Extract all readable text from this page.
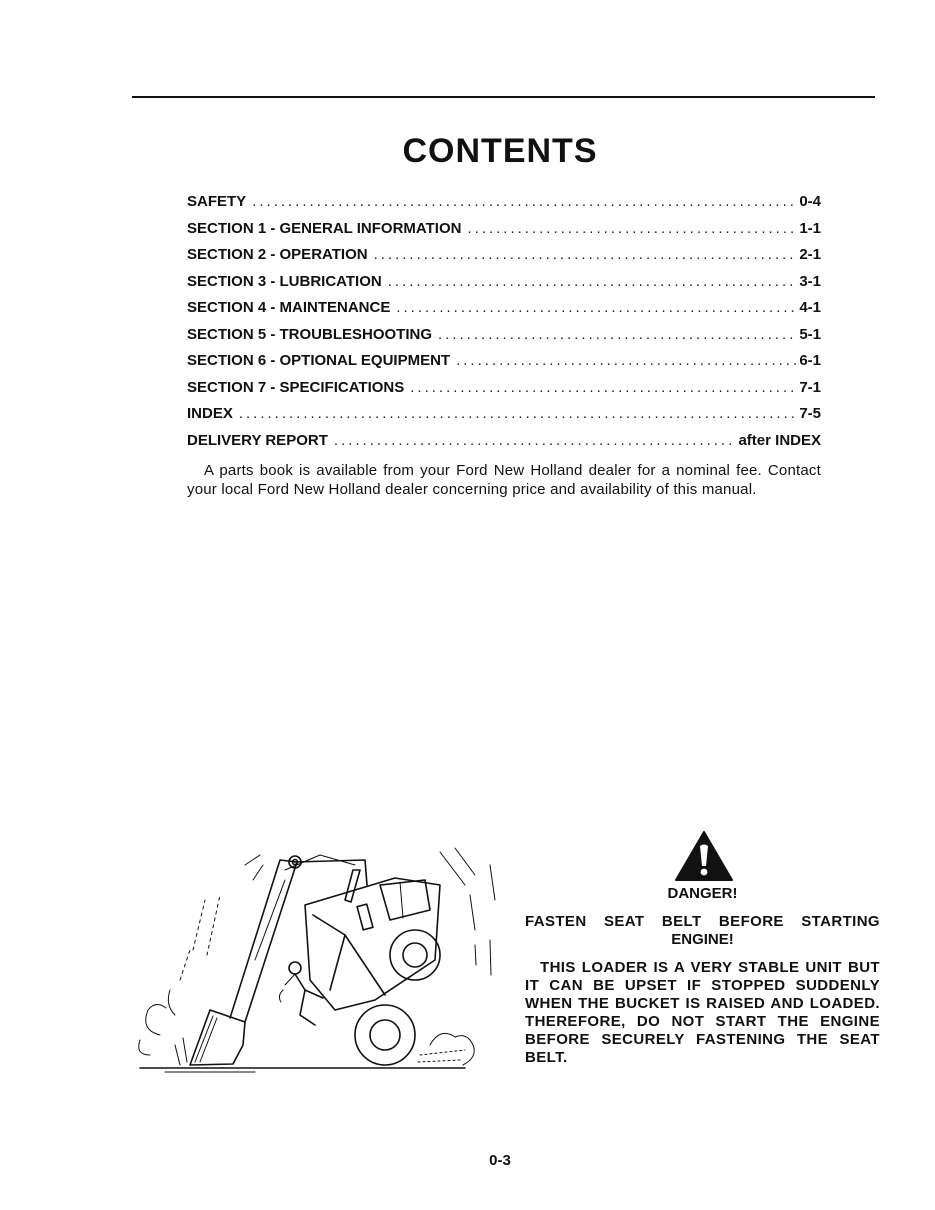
CONTENTS
SAFETY .....	0-4
SECTION 1 - GENERAL INFORMATION .....	1-1
SECTION 2 - OPERATION .....	2-1
SECTION 3 - LUBRICATION .....	3-1
SECTION 4 - MAINTENANCE .....	4-1
SECTION 5 - TROUBLESHOOTING .....	5-1
SECTION 6 - OPTIONAL EQUIPMENT .....	6-1
SECTION 7 - SPECIFICATIONS .....	7-1
INDEX .....	7-5
DELIVERY REPORT .....	after INDEX

A parts book is available from your Ford New Holland dealer for a nominal fee. Contact your local Ford New Holland dealer concerning price and availability of this manual.

DANGER!

FASTEN SEAT BELT BEFORE STARTING

ENGINE!

THIS LOADER IS A VERY STABLE UNIT BUT IT CAN BE UPSET IF STOPPED SUDDENLY WHEN THE BUCKET IS RAISED AND LOADED. THEREFORE, DO NOT START THE ENGINE BEFORE SECURELY FASTENING THE SEAT BELT.

0-3
